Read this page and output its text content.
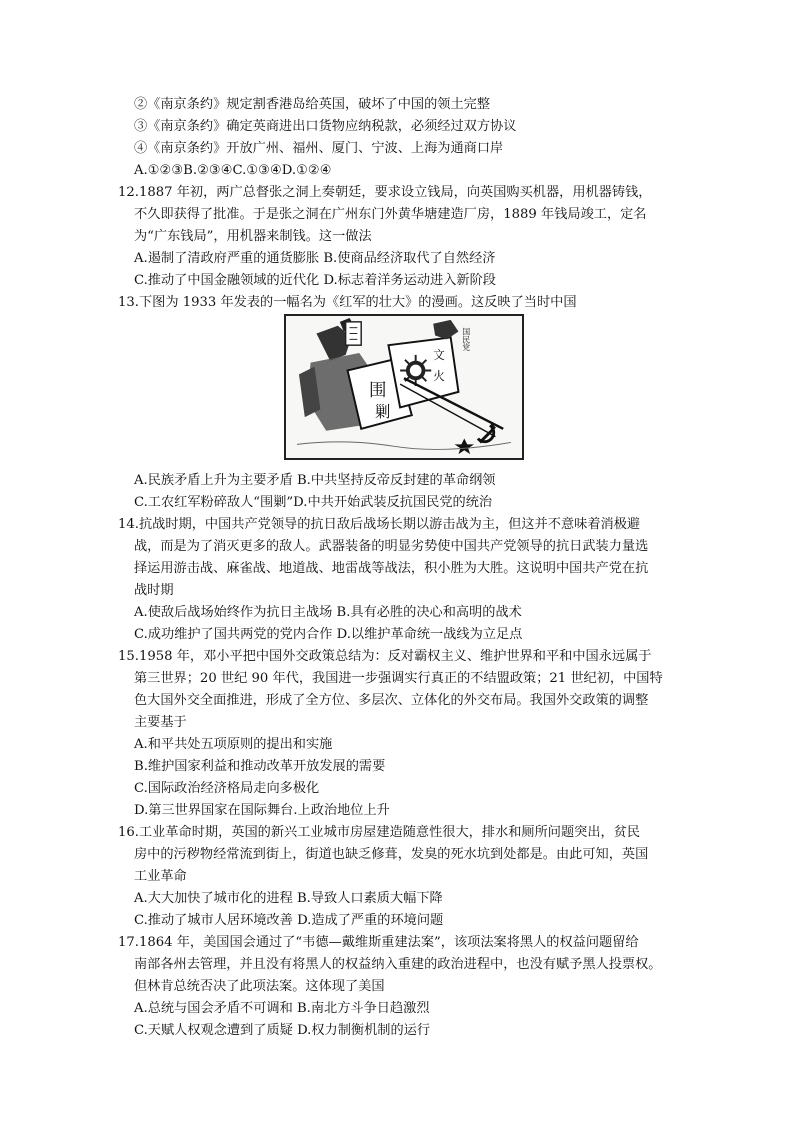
②《南京条约》规定割香港岛给英国，破坏了中国的领土完整
③《南京条约》确定英商进出口货物应纳税款，必须经过双方协议
④《南京条约》开放广州、福州、厦门、宁波、上海为通商口岸
A.①②③B.②③④C.①③④D.①②④
12.1887 年初，两广总督张之洞上奏朝廷，要求设立钱局，向英国购买机器，用机器铸钱，
不久即获得了批准。于是张之洞在广州东门外黄华塘建造厂房，1889 年钱局竣工，定名
为“广东钱局”，用机器来制钱。这一做法
A.遏制了清政府严重的通货膨胀 B.使商品经济取代了自然经济
C.推动了中国金融领域的近代化 D.标志着洋务运动进入新阶段
13.下图为 1933 年发表的一幅名为《红军的壮大》的漫画。这反映了当时中国
围
剿
文
火
国民党
A.民族矛盾上升为主要矛盾 B.中共坚持反帝反封建的革命纲领
C.工农红军粉碎敌人“围剿”D.中共开始武装反抗国民党的统治
14.抗战时期，中国共产党领导的抗日敌后战场长期以游击战为主，但这并不意味着消极避
战，而是为了消灭更多的敌人。武器装备的明显劣势使中国共产党领导的抗日武装力量选
择运用游击战、麻雀战、地道战、地雷战等战法，积小胜为大胜。这说明中国共产党在抗
战时期
A.使敌后战场始终作为抗日主战场 B.具有必胜的决心和高明的战术
C.成功维护了国共两党的党内合作 D.以维护革命统一战线为立足点
15.1958 年，邓小平把中国外交政策总结为：反对霸权主义、维护世界和平和中国永远属于
第三世界；20 世纪 90 年代，我国进一步强调实行真正的不结盟政策；21 世纪初，中国特
色大国外交全面推进，形成了全方位、多层次、立体化的外交布局。我国外交政策的调整
主要基于
A.和平共处五项原则的提出和实施
B.维护国家利益和推动改革开放发展的需要
C.国际政治经济格局走向多极化
D.第三世界国家在国际舞台.上政治地位上升
16.工业革命时期，英国的新兴工业城市房屋建造随意性很大，排水和厕所问题突出，贫民
房中的污秽物经常流到街上，街道也缺乏修葺，发臭的死水坑到处都是。由此可知，英国
工业革命
A.大大加快了城市化的进程 B.导致人口素质大幅下降
C.推动了城市人居环境改善 D.造成了严重的环境问题
17.1864 年，美国国会通过了“韦德—戴维斯重建法案”，该项法案将黑人的权益问题留给
南部各州去管理，并且没有将黑人的权益纳入重建的政治进程中，也没有赋予黑人投票权。
但林肯总统否决了此项法案。这体现了美国
A.总统与国会矛盾不可调和 B.南北方斗争日趋激烈
C.天赋人权观念遭到了质疑 D.权力制衡机制的运行
